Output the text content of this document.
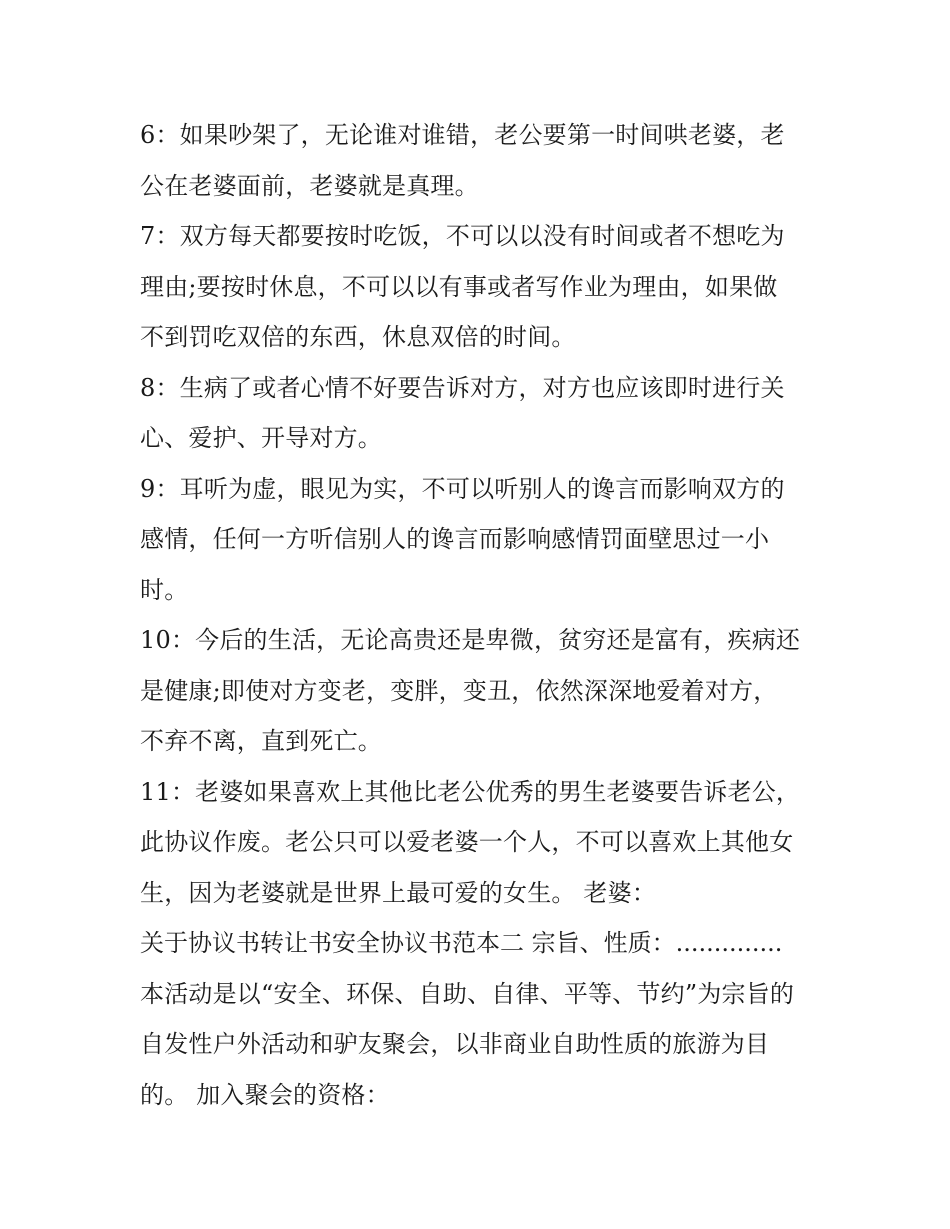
6：如果吵架了，无论谁对谁错，老公要第一时间哄老婆，老
公在老婆面前，老婆就是真理。
7：双方每天都要按时吃饭，不可以以没有时间或者不想吃为
理由;要按时休息，不可以以有事或者写作业为理由，如果做
不到罚吃双倍的东西，休息双倍的时间。
8：生病了或者心情不好要告诉对方，对方也应该即时进行关
心、爱护、开导对方。
9：耳听为虚，眼见为实，不可以听别人的谗言而影响双方的
感情，任何一方听信别人的谗言而影响感情罚面壁思过一小
时。
10：今后的生活，无论高贵还是卑微，贫穷还是富有，疾病还
是健康;即使对方变老，变胖，变丑，依然深深地爱着对方，
不弃不离，直到死亡。
11：老婆如果喜欢上其他比老公优秀的男生老婆要告诉老公，
此协议作废。老公只可以爱老婆一个人，不可以喜欢上其他女
生，因为老婆就是世界上最可爱的女生。 老婆：
关于协议书转让书安全协议书范本二 宗旨、性质：..............
本活动是以“安全、环保、自助、自律、平等、节约”为宗旨的
自发性户外活动和驴友聚会，以非商业自助性质的旅游为目
的。 加入聚会的资格：
